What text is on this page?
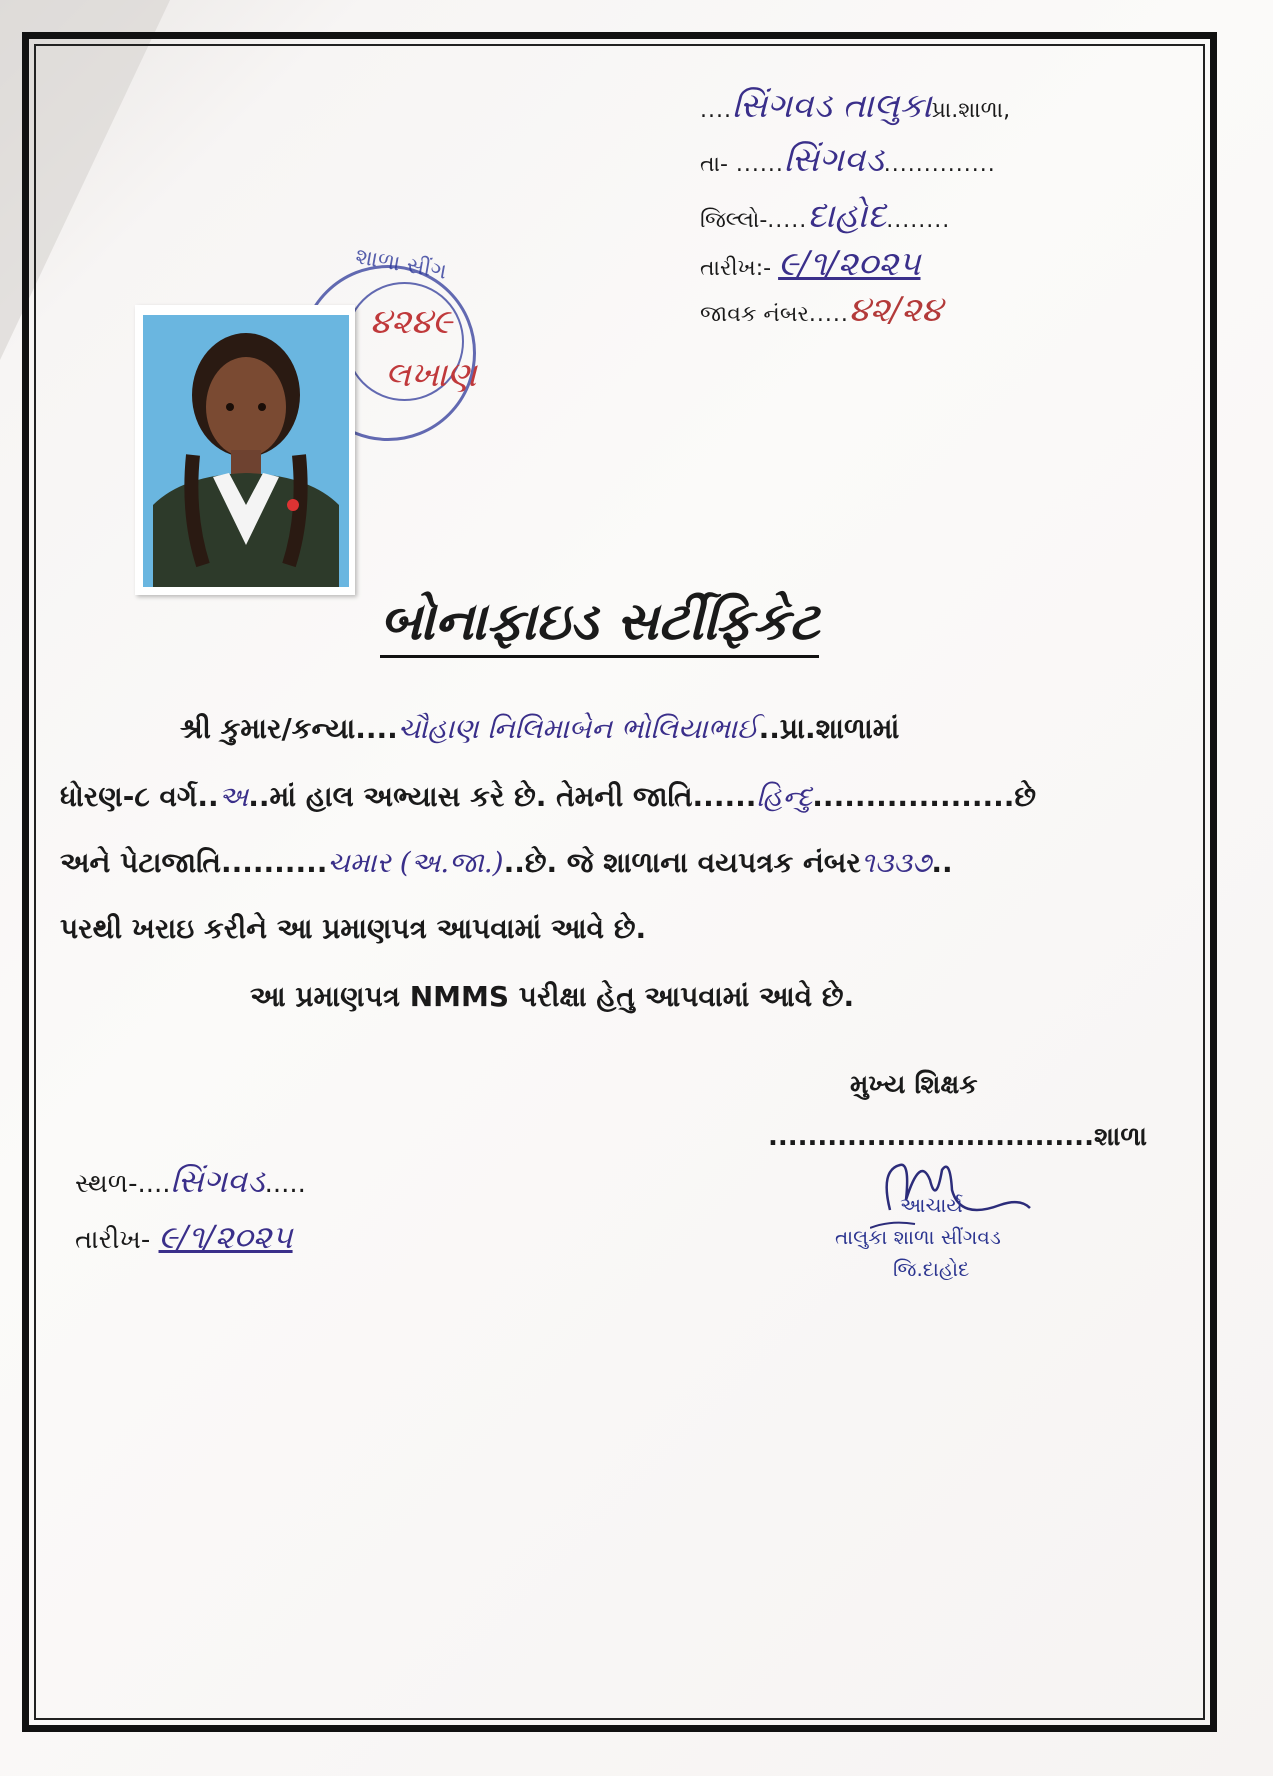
....સિંગવડ તાલુકાપ્રા.શાળા,
તા- ......સિંગવડ..............
જિલ્લો-.....દાહોદ........
તારીખ:- ૯/૧/૨૦૨૫
જાવક નંબર.....૪૨/૨૪
શાળા સીંગ
૪૨૪૯
લખાણ
બોનાફાઇડ સર્ટીફિકેટ
શ્રી કુમાર/કન્યા....ચૌહાણ નિલિમાબેન ભોલિયાભાઈ..પ્રા.શાળામાં
ધોરણ-૮ વર્ગ..અ..માં હાલ અભ્યાસ કરે છે. તેમની જાતિ......હિન્દુ...................છે
અને પેટાજાતિ..........ચમાર (અ.જા.)..છે. જે શાળાના વયપત્રક નંબર૧૩૩૭..
પરથી ખરાઇ કરીને આ પ્રમાણપત્ર આપવામાં આવે છે.
આ પ્રમાણપત્ર NMMS પરીક્ષા હેતુ આપવામાં આવે છે.
મુખ્ય શિક્ષક
.................................શાળા
આચાર્ય
તાલુકા શાળા સીંગવડ
જિ.દાહોદ
સ્થળ-....સિંગવડ.....
તારીખ- ૯/૧/૨૦૨૫
